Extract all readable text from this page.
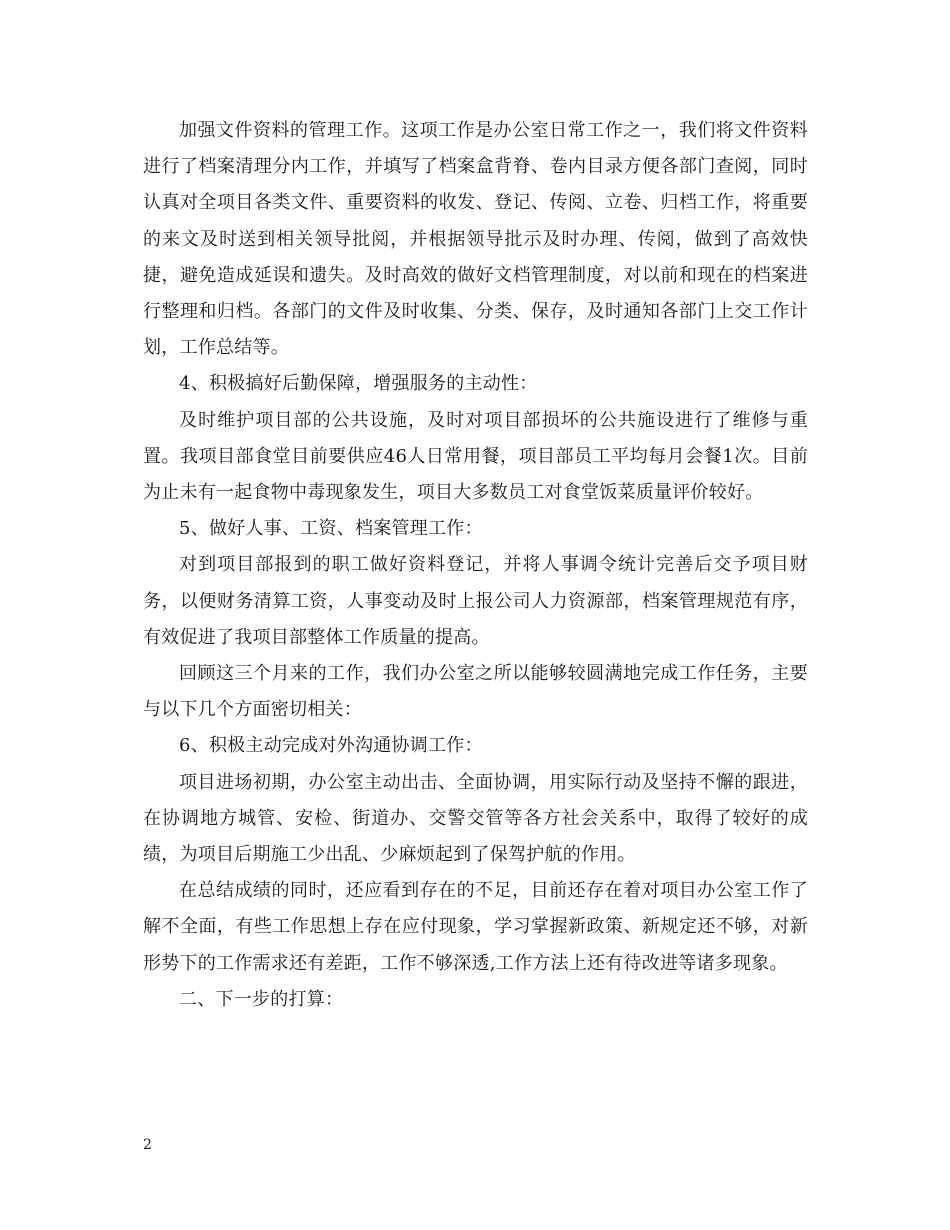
加强文件资料的管理工作。这项工作是办公室日常工作之一，我们将文件资料进行了档案清理分内工作，并填写了档案盒背脊、卷内目录方便各部门查阅，同时认真对全项目各类文件、重要资料的收发、登记、传阅、立卷、归档工作，将重要的来文及时送到相关领导批阅，并根据领导批示及时办理、传阅，做到了高效快捷，避免造成延误和遗失。及时高效的做好文档管理制度，对以前和现在的档案进行整理和归档。各部门的文件及时收集、分类、保存，及时通知各部门上交工作计划，工作总结等。

4、积极搞好后勤保障，增强服务的主动性：

及时维护项目部的公共设施，及时对项目部损坏的公共施设进行了维修与重置。我项目部食堂目前要供应46人日常用餐，项目部员工平均每月会餐1次。目前为止未有一起食物中毒现象发生，项目大多数员工对食堂饭菜质量评价较好。

5、做好人事、工资、档案管理工作：

对到项目部报到的职工做好资料登记，并将人事调令统计完善后交予项目财务，以便财务清算工资，人事变动及时上报公司人力资源部，档案管理规范有序，有效促进了我项目部整体工作质量的提高。

回顾这三个月来的工作，我们办公室之所以能够较圆满地完成工作任务，主要与以下几个方面密切相关：

6、积极主动完成对外沟通协调工作：

项目进场初期，办公室主动出击、全面协调，用实际行动及坚持不懈的跟进，在协调地方城管、安检、街道办、交警交管等各方社会关系中，取得了较好的成绩，为项目后期施工少出乱、少麻烦起到了保驾护航的作用。

在总结成绩的同时，还应看到存在的不足，目前还存在着对项目办公室工作了解不全面，有些工作思想上存在应付现象，学习掌握新政策、新规定还不够，对新形势下的工作需求还有差距，工作不够深透,工作方法上还有待改进等诸多现象。

二、下一步的打算：

2
